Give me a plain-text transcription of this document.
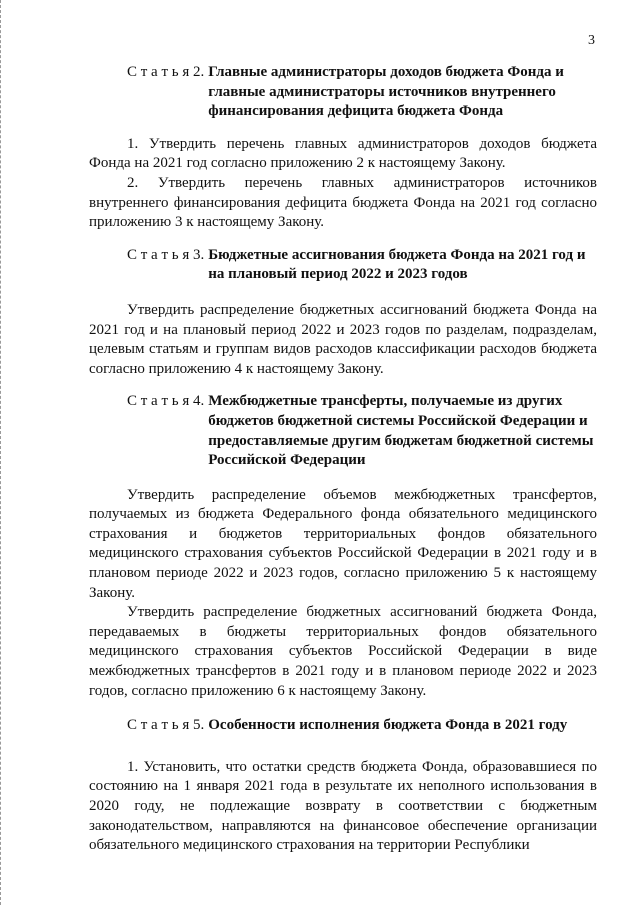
3
С т а т ь я 2. Главные администраторы доходов бюджета Фонда и главные администраторы источников внутреннего финансирования дефицита бюджета Фонда

1. Утвердить перечень главных администраторов доходов бюджета Фонда на 2021 год согласно приложению 2 к настоящему Закону.

2. Утвердить перечень главных администраторов источников внутреннего финансирования дефицита бюджета Фонда на 2021 год согласно приложению 3 к настоящему Закону.

С т а т ь я 3. Бюджетные ассигнования бюджета Фонда на 2021 год и на плановый период 2022 и 2023 годов

Утвердить распределение бюджетных ассигнований бюджета Фонда на 2021 год и на плановый период 2022 и 2023 годов по разделам, подразделам, целевым статьям и группам видов расходов классификации расходов бюджета согласно приложению 4 к настоящему Закону.

С т а т ь я 4. Межбюджетные трансферты, получаемые из других бюджетов бюджетной системы Российской Федерации и предоставляемые другим бюджетам бюджетной системы Российской Федерации

Утвердить распределение объемов межбюджетных трансфертов, получаемых из бюджета Федерального фонда обязательного медицинского страхования и бюджетов территориальных фондов обязательного медицинского страхования субъектов Российской Федерации в 2021 году и в плановом периоде 2022 и 2023 годов, согласно приложению 5 к настоящему Закону.

Утвердить распределение бюджетных ассигнований бюджета Фонда, передаваемых в бюджеты территориальных фондов обязательного медицинского страхования субъектов Российской Федерации в виде межбюджетных трансфертов в 2021 году и в плановом периоде 2022 и 2023 годов, согласно приложению 6 к настоящему Закону.

С т а т ь я 5. Особенности исполнения бюджета Фонда в 2021 году

1. Установить, что остатки средств бюджета Фонда, образовавшиеся по состоянию на 1 января 2021 года в результате их неполного использования в 2020 году, не подлежащие возврату в соответствии с бюджетным законодательством, направляются на финансовое обеспечение организации обязательного медицинского страхования на территории Республики
